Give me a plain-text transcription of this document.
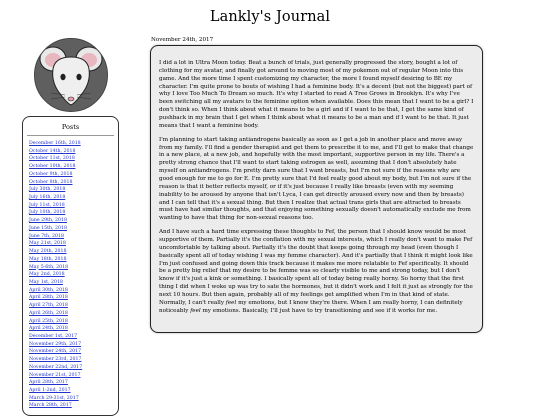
Lankly's Journal
Posts
December 16th, 2018
October 14th, 2018
October 11st, 2018
October 10th, 2018
October 9th, 2018
October 8th, 2018
July 30th, 2018
July 16th, 2018
July 11st, 2018
July 10th, 2018
June 29th, 2018
June 15th, 2018
June 7th, 2018
May 21st, 2018
May 20th, 2018
May 18th, 2018
May 5-6th, 2018
May 2nd, 2018
May 1st, 2018
April 30th, 2018
April 28th, 2018
April 27th, 2018
April 26th, 2018
April 25th, 2018
April 24th, 2018
December 1st, 2017
November 29th, 2017
November 24th, 2017
November 23rd, 2017
November 22nd, 2017
November 21st, 2017
April 28th, 2017
April 1-2nd, 2017
March 29-31st, 2017
March 28th, 2017
November 24th, 2017

I did a lot in Ultra Moon today. Beat a bunch of trials, just generally progressed the story, bought a lot of clothing for my avatar, and finally got around to moving most of my pokemon out of regular Moon into this game. And the more time I spent customizing my character, the more I found myself desiring to BE my character. I'm quite prone to bouts of wishing I had a feminine body. It's a decent (but not the biggest) part of why I love Too Much To Dream so much. It's why I started to read A Tree Grows in Brooklyn. It's why I've been switching all my avatars to the feminine option when available. Does this mean that I want to be a girl? I don't think so. When I think about what it means to be a girl and if I want to be that, I get the same kind of pushback in my brain that I get when I think about what it means to be a man and if I want to be that. It just means that I want a feminine body.

I'm planning to start taking antiandrogens basically as soon as I get a job in another place and move away from my family. I'll find a gender therapist and get them to prescribe it to me, and I'll get to make that change in a new place, at a new job, and hopefully with the most important, supportive person in my life. There's a pretty strong chance that I'll want to start taking estrogen as well, assuming that I don't absolutely hate myself on antiandrogens. I'm pretty darn sure that I want breasts, but I'm not sure if the reasons why are good enough for me to go for E. I'm pretty sure that I'd feel really good about my body, but I'm not sure if the reason is that it better reflects myself, or if it's just because I really like breasts (even with my seeming inability to be aroused by anyone that isn't Lyca, I can get directly aroused every now and then by breasts) and I can tell that it's a sexual thing. But then I realize that actual trans girls that are attracted to breasts must have had similar thoughts, and that enjoying something sexually doesn't automatically exclude me from wanting to have that thing for non-sexual reasons too.

And I have such a hard time expressing these thoughts to Fef, the person that I should know would be most supportive of them. Partially it's the conflation with my sexual interests, which I really don't want to make Fef uncomfortable by talking about. Partially it's the doubt that keeps going through my head (even though I basically spent all of today wishing I was my femme character). And it's partially that I think it might look like I'm just confused and going down this track because it makes me more relatable to Fef specifically. It should be a pretty big relief that my desire to be femme was so clearly visible to me and strong today, but I don't know if it's just a kink or something. I basically spent all of today being really horny. So horny that the first thing I did when I woke up was try to sate the hormones, but it didn't work and I felt it just as strongly for the next 10 hours. But then again, probably all of my feelings get amplified when I'm in that kind of state. Normally, I can't really feel my emotions, but I know they're there. When I am really horny, I can definitely noticeably feel my emotions. Basically, I'll just have to try transitioning and see if it works for me.
